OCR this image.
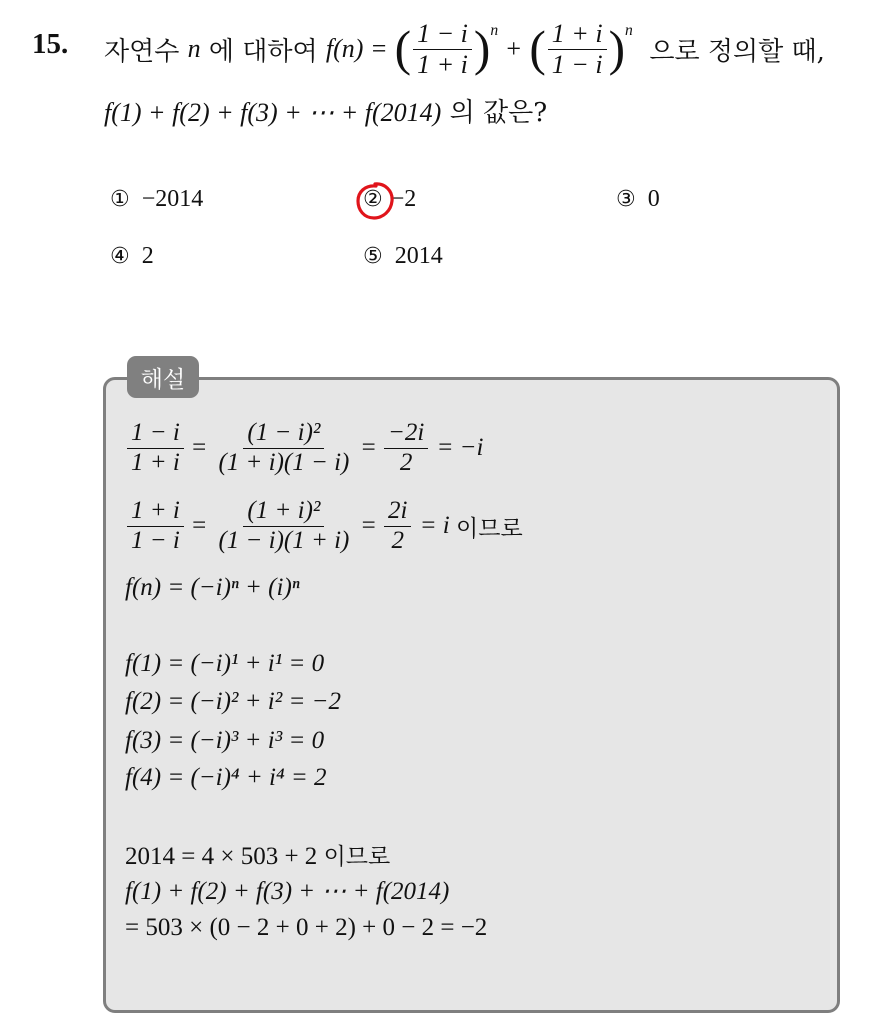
15. 자연수
n
에 대하여
f(n)
=
( $\frac{1 - i}{1 + i} )^n$

+
( $\frac{1 + i}{1 - i} )^n$

으로 정의할 때,
f(1) + f(2) + f(3) + ⋯ + f(2014) 의 값은?
① −2014	② −2	③ 0
④ 2	⑤ 2014
해설
$\frac{1 - i}{1 + i} = \frac{\text{(1 − i)²}}{(1 + i)(1 - i)} = \frac{-2i}{2}$
= −i
$\frac{1 + i}{1 - i} = \frac{\text{(1 + i)²}}{(1 - i)(1 + i)} = \frac{2i}{2}$
= i
이므로
f(n) = (−i)ⁿ + (i)ⁿ
f(1) = (−i)¹ + i¹ = 0
f(2) = (−i)² + i² = −2
f(3) = (−i)³ + i³ = 0
f(4) = (−i)⁴ + i⁴ = 2
2014 = 4 × 503 + 2 이므로
f(1) + f(2) + f(3) + ⋯ + f(2014)
= 503 × (0 − 2 + 0 + 2) + 0 − 2 = −2
